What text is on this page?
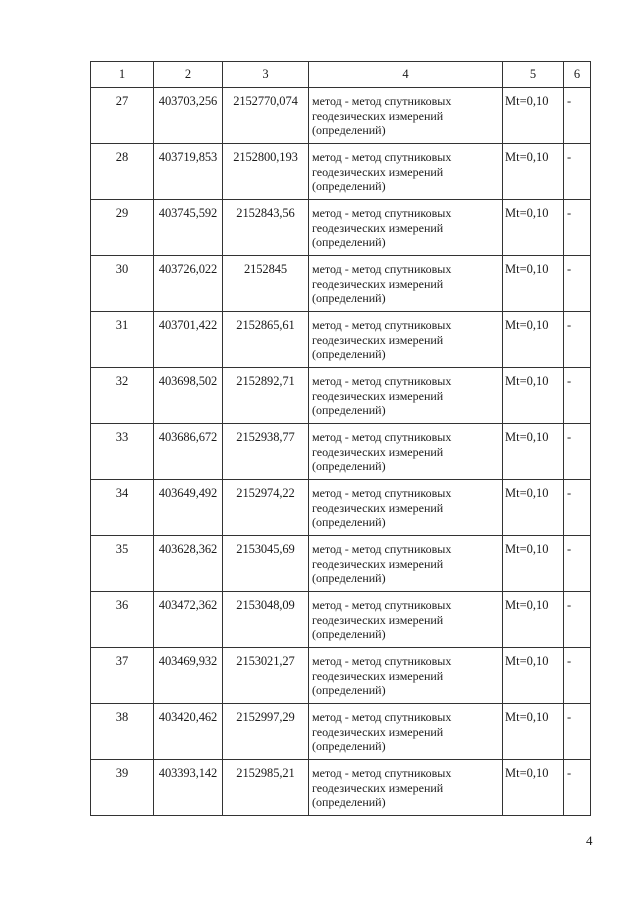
1	2	3	4	5	6
27	403703,256	2152770,074	метод - метод спутниковых геодезических измерений (определений)	Mt=0,10	-
28	403719,853	2152800,193	метод - метод спутниковых геодезических измерений (определений)	Mt=0,10	-
29	403745,592	2152843,56	метод - метод спутниковых геодезических измерений (определений)	Mt=0,10	-
30	403726,022	2152845	метод - метод спутниковых геодезических измерений (определений)	Mt=0,10	-
31	403701,422	2152865,61	метод - метод спутниковых геодезических измерений (определений)	Mt=0,10	-
32	403698,502	2152892,71	метод - метод спутниковых геодезических измерений (определений)	Mt=0,10	-
33	403686,672	2152938,77	метод - метод спутниковых геодезических измерений (определений)	Mt=0,10	-
34	403649,492	2152974,22	метод - метод спутниковых геодезических измерений (определений)	Mt=0,10	-
35	403628,362	2153045,69	метод - метод спутниковых геодезических измерений (определений)	Mt=0,10	-
36	403472,362	2153048,09	метод - метод спутниковых геодезических измерений (определений)	Mt=0,10	-
37	403469,932	2153021,27	метод - метод спутниковых геодезических измерений (определений)	Mt=0,10	-
38	403420,462	2152997,29	метод - метод спутниковых геодезических измерений (определений)	Mt=0,10	-
39	403393,142	2152985,21	метод - метод спутниковых геодезических измерений (определений)	Mt=0,10	-
4
